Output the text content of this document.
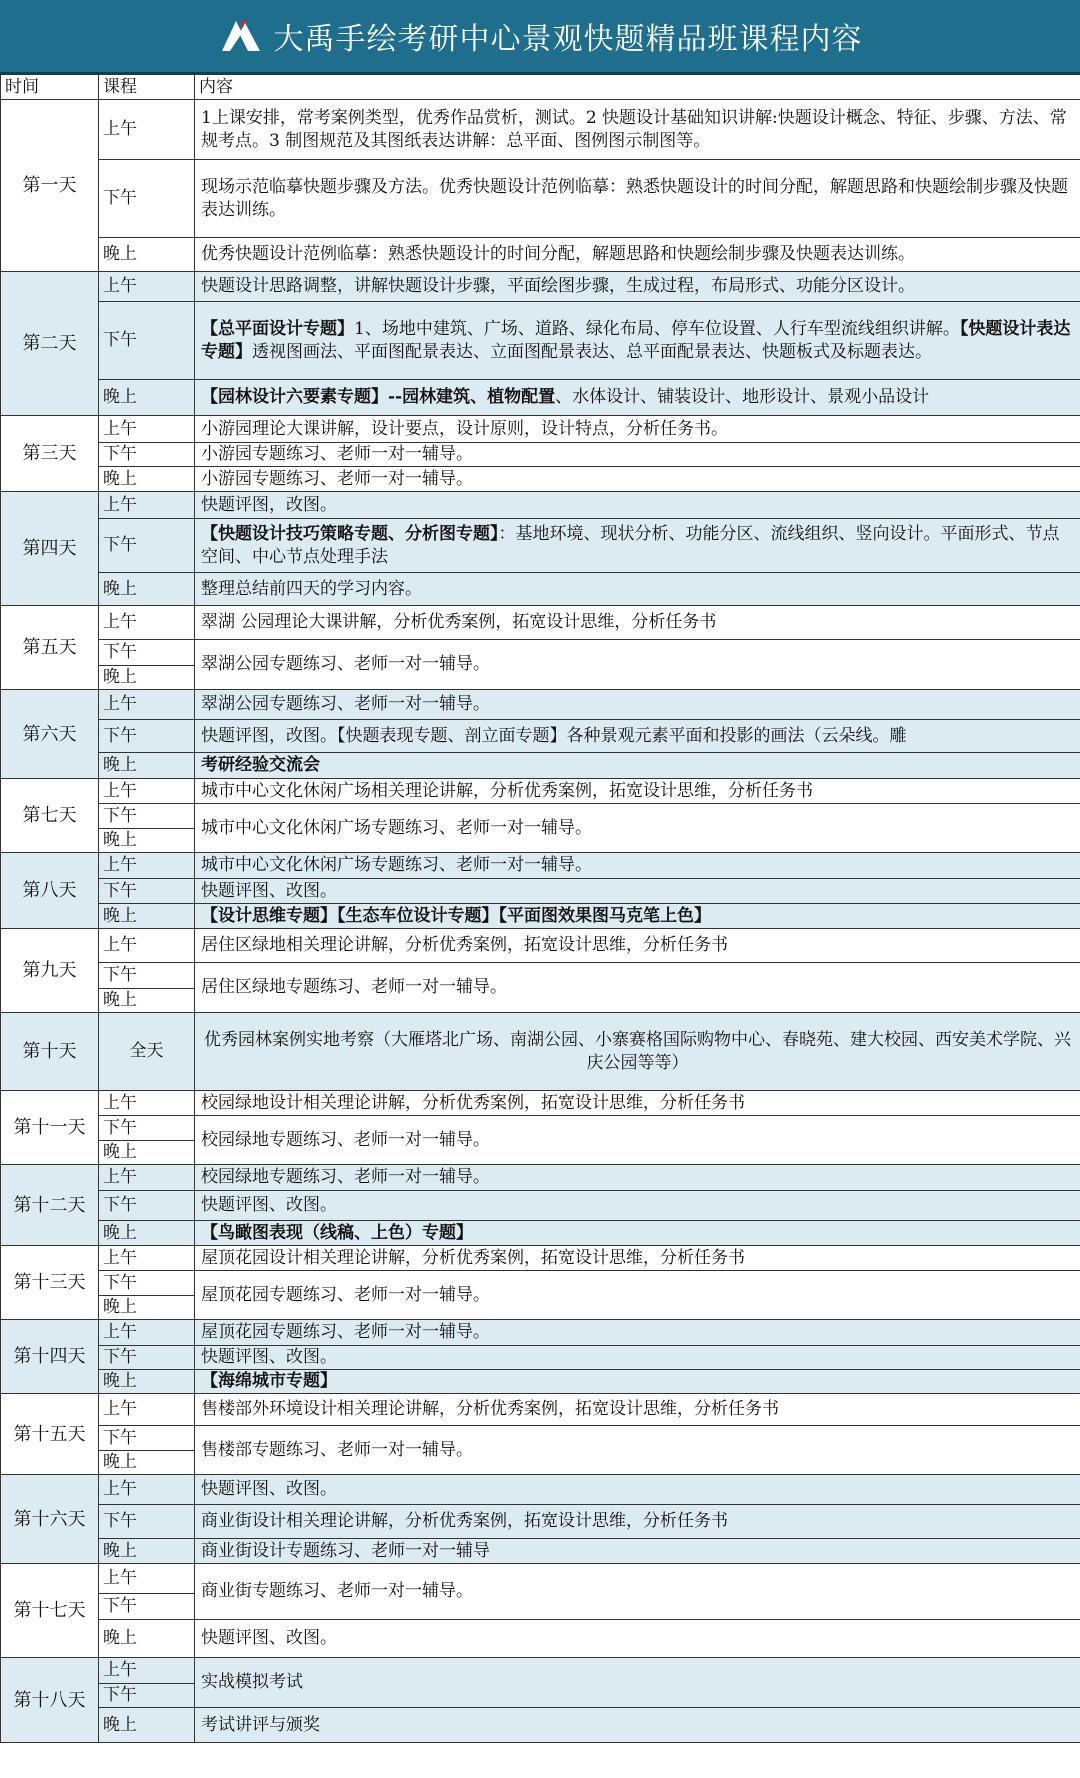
大禹手绘考研中心景观快题精品班课程内容
时间	课程	内容
第一天	上午	1上课安排，常考案例类型，优秀作品赏析，测试。2 快题设计基础知识讲解:快题设计概念、特征、步骤、方法、常规考点。3 制图规范及其图纸表达讲解：总平面、图例图示制图等。
	下午	现场示范临摹快题步骤及方法。优秀快题设计范例临摹：熟悉快题设计的时间分配，解题思路和快题绘制步骤及快题表达训练。
	晚上	优秀快题设计范例临摹：熟悉快题设计的时间分配，解题思路和快题绘制步骤及快题表达训练。
第二天	上午	快题设计思路调整，讲解快题设计步骤，平面绘图步骤，生成过程，布局形式、功能分区设计。
	下午	【总平面设计专题】1、场地中建筑、广场、道路、绿化布局、停车位设置、人行车型流线组织讲解。【快题设计表达专题】透视图画法、平面图配景表达、立面图配景表达、总平面配景表达、快题板式及标题表达。
	晚上	【园林设计六要素专题】--园林建筑、植物配置、水体设计、铺装设计、地形设计、景观小品设计
第三天	上午	小游园理论大课讲解，设计要点，设计原则，设计特点，分析任务书。
	下午	小游园专题练习、老师一对一辅导。
	晚上	小游园专题练习、老师一对一辅导。
第四天	上午	快题评图，改图。
	下午	【快题设计技巧策略专题、分析图专题】：基地环境、现状分析、功能分区、流线组织、竖向设计。平面形式、节点空间、中心节点处理手法
	晚上	整理总结前四天的学习内容。
第五天	上午	翠湖 公园理论大课讲解，分析优秀案例，拓宽设计思维，分析任务书
	下午	翠湖公园专题练习、老师一对一辅导。
	晚上	
第六天	上午	翠湖公园专题练习、老师一对一辅导。
	下午	快题评图，改图。【快题表现专题、剖立面专题】各种景观元素平面和投影的画法（云朵线。雕
	晚上	考研经验交流会
第七天	上午	城市中心文化休闲广场相关理论讲解，分析优秀案例，拓宽设计思维，分析任务书
	下午	城市中心文化休闲广场专题练习、老师一对一辅导。
	晚上	
第八天	上午	城市中心文化休闲广场专题练习、老师一对一辅导。
	下午	快题评图、改图。
	晚上	【设计思维专题】【生态车位设计专题】【平面图效果图马克笔上色】
第九天	上午	居住区绿地相关理论讲解，分析优秀案例，拓宽设计思维，分析任务书
	下午	居住区绿地专题练习、老师一对一辅导。
	晚上	
第十天	全天	优秀园林案例实地考察（大雁塔北广场、南湖公园、小寨赛格国际购物中心、春晓苑、建大校园、西安美术学院、兴庆公园等等）
第十一天	上午	校园绿地设计相关理论讲解，分析优秀案例，拓宽设计思维，分析任务书
	下午	校园绿地专题练习、老师一对一辅导。
	晚上	
第十二天	上午	校园绿地专题练习、老师一对一辅导。
	下午	快题评图、改图。
	晚上	【鸟瞰图表现（线稿、上色）专题】
第十三天	上午	屋顶花园设计相关理论讲解，分析优秀案例，拓宽设计思维，分析任务书
	下午	屋顶花园专题练习、老师一对一辅导。
	晚上	
第十四天	上午	屋顶花园专题练习、老师一对一辅导。
	下午	快题评图、改图。
	晚上	【海绵城市专题】
第十五天	上午	售楼部外环境设计相关理论讲解，分析优秀案例，拓宽设计思维，分析任务书
	下午	售楼部专题练习、老师一对一辅导。
	晚上	
第十六天	上午	快题评图、改图。
	下午	商业街设计相关理论讲解，分析优秀案例，拓宽设计思维，分析任务书
	晚上	商业街设计专题练习、老师一对一辅导
第十七天	上午	商业街专题练习、老师一对一辅导。
	下午	
	晚上	快题评图、改图。
第十八天	上午	实战模拟考试
	下午	
	晚上	考试讲评与颁奖
